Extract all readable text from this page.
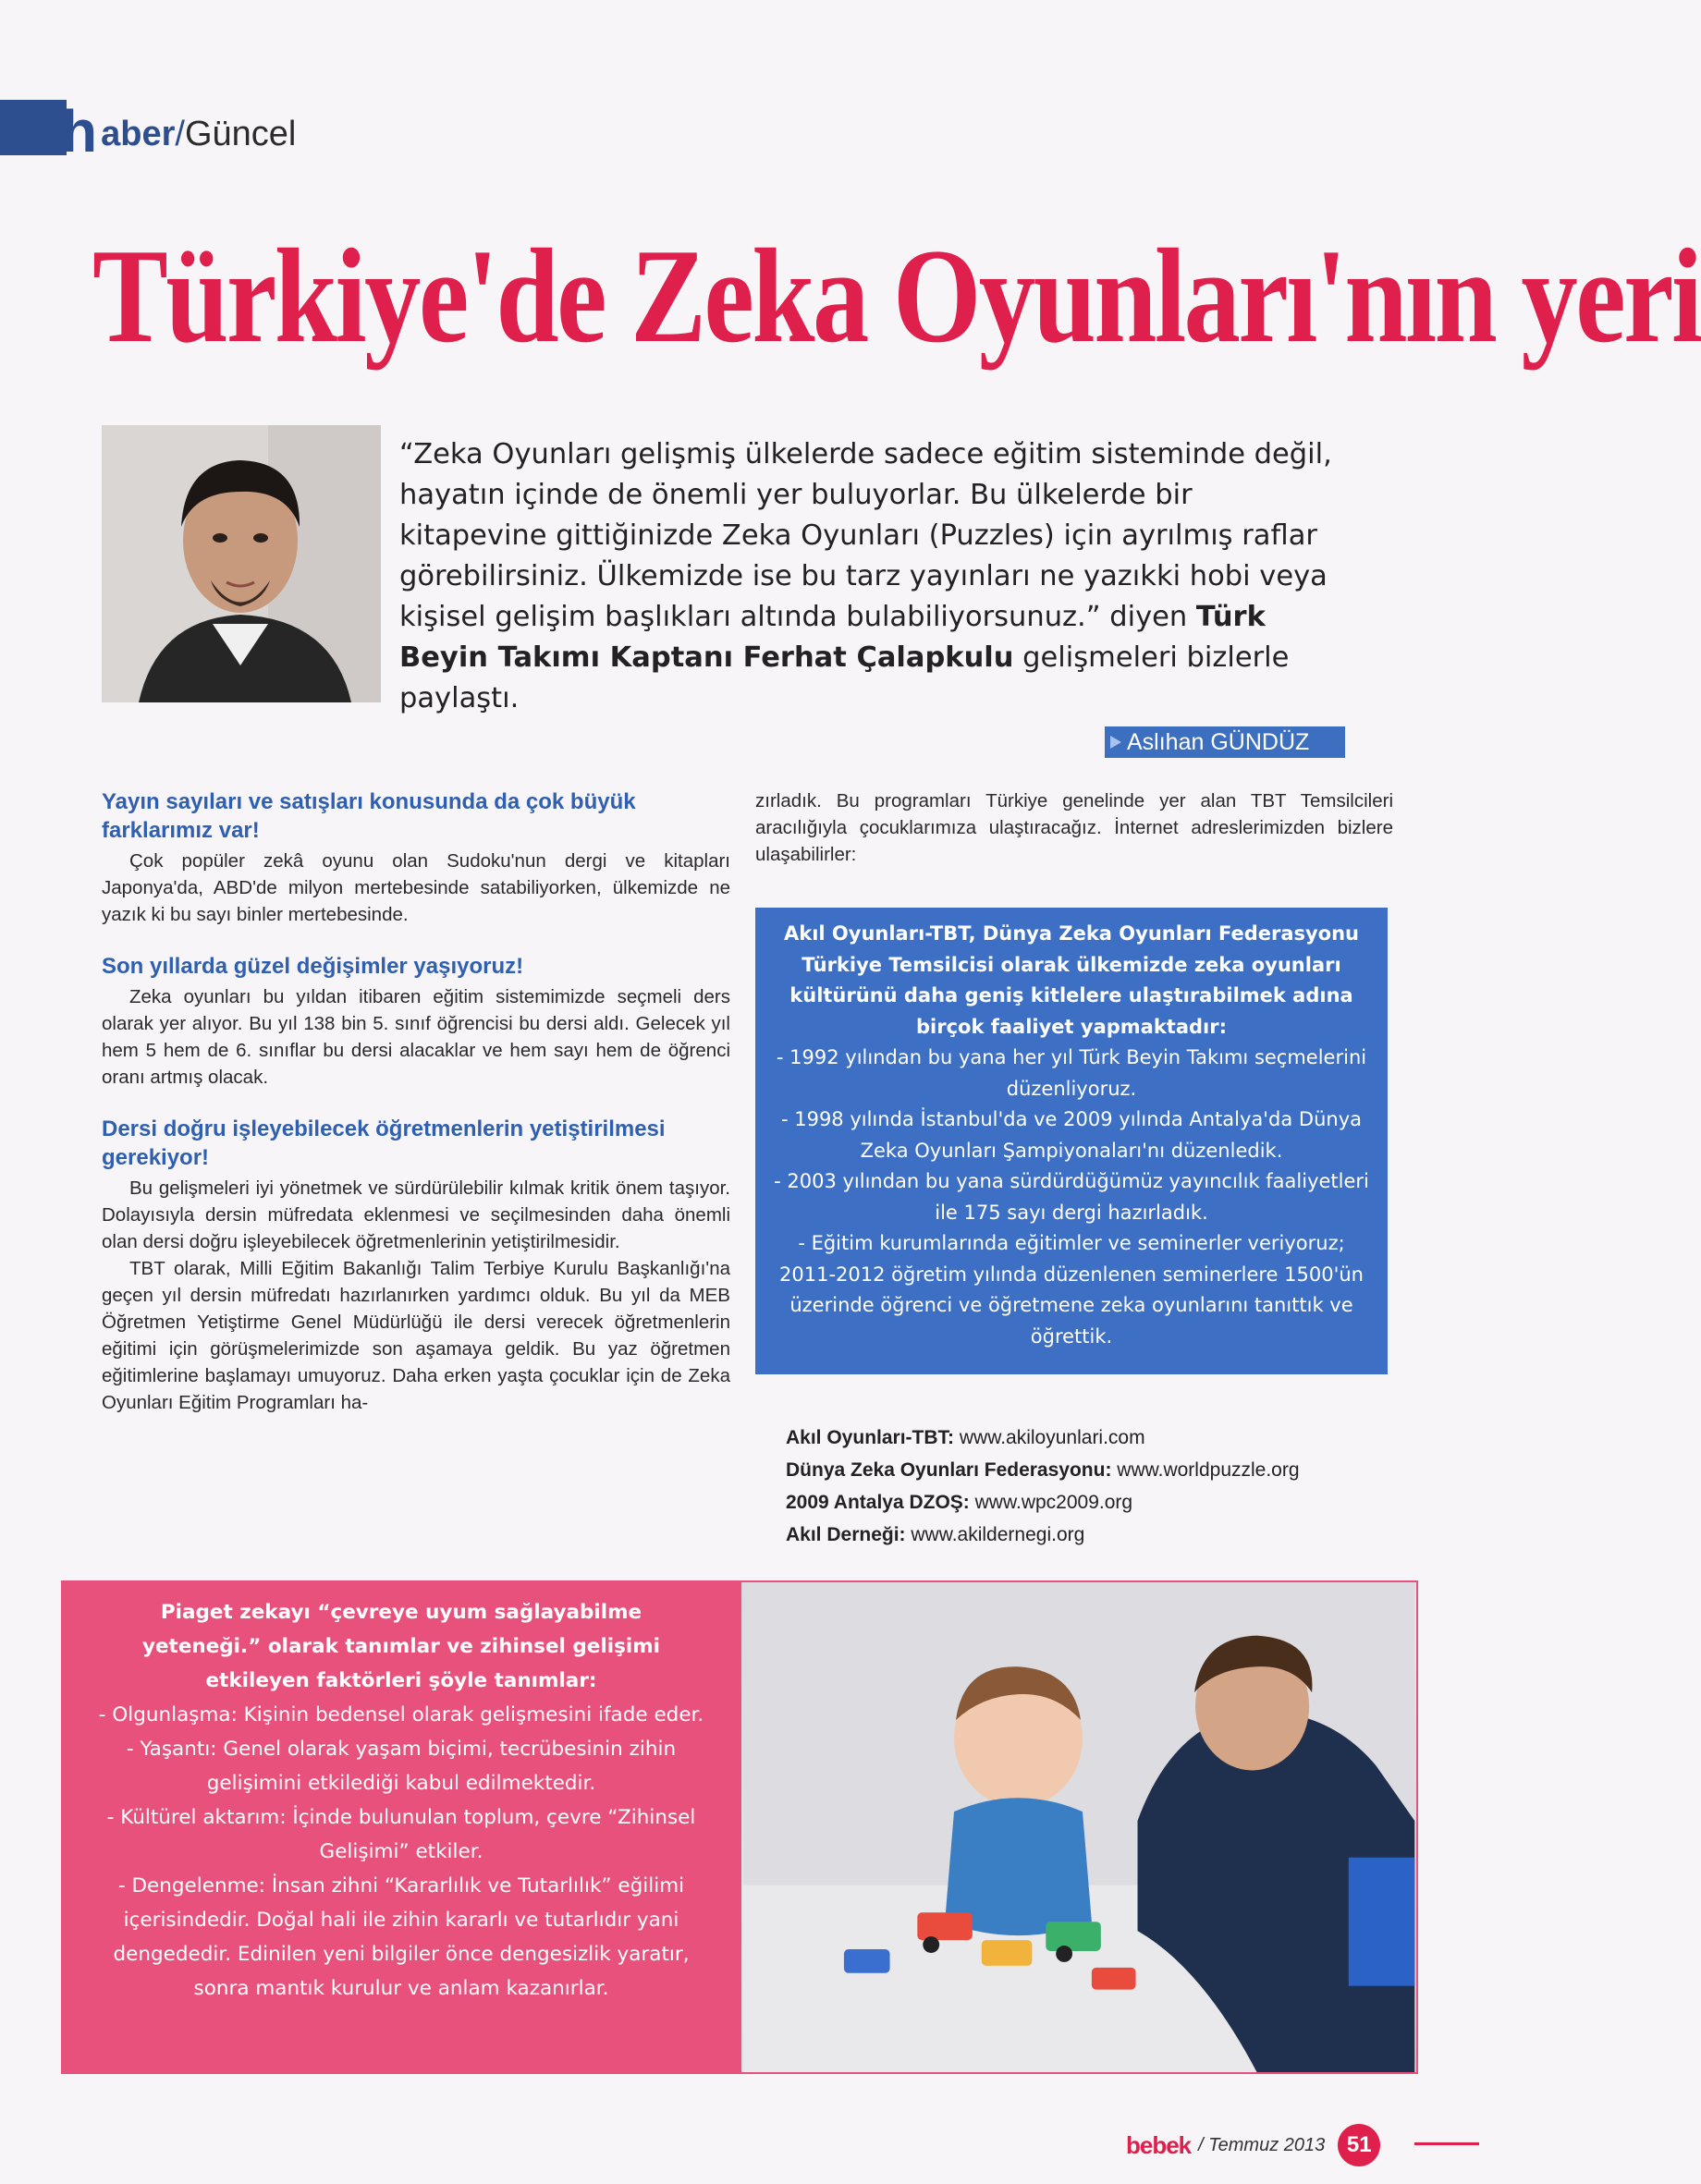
h aber/Güncel
Türkiye'de Zeka Oyunları'nın yeri

“Zeka Oyunları gelişmiş ülkelerde sadece eğitim sisteminde değil, hayatın içinde de önemli yer buluyorlar. Bu ülkelerde bir kitapevine gittiğinizde Zeka Oyunları (Puzzles) için ayrılmış raflar görebilirsiniz. Ülkemizde ise bu tarz yayınları ne yazıkki hobi veya kişisel gelişim başlıkları altında bulabiliyorsunuz.” diyen Türk Beyin Takımı Kaptanı Ferhat Çalapkulu gelişmeleri bizlerle paylaştı.

Aslıhan GÜNDÜZ
Yayın sayıları ve satışları konusunda da çok büyük farklarımız var!

Çok popüler zekâ oyunu olan Sudoku'nun dergi ve kitapları Japonya'da, ABD'de milyon mertebesinde satabiliyorken, ülkemizde ne yazık ki bu sayı binler mertebesinde.

Son yıllarda güzel değişimler yaşıyoruz!

Zeka oyunları bu yıldan itibaren eğitim sistemimizde seçmeli ders olarak yer alıyor. Bu yıl 138 bin 5. sınıf öğrencisi bu dersi aldı. Gelecek yıl hem 5 hem de 6. sınıflar bu dersi alacaklar ve hem sayı hem de öğrenci oranı artmış olacak.

Dersi doğru işleyebilecek öğretmenlerin yetiştirilmesi gerekiyor!

Bu gelişmeleri iyi yönetmek ve sürdürülebilir kılmak kritik önem taşıyor. Dolayısıyla dersin müfredata eklenmesi ve seçilmesinden daha önemli olan dersi doğru işleyebilecek öğretmenlerinin yetiştirilmesidir.

TBT olarak, Milli Eğitim Bakanlığı Talim Terbiye Kurulu Başkanlığı'na geçen yıl dersin müfredatı hazırlanırken yardımcı olduk. Bu yıl da MEB Öğretmen Yetiştirme Genel Müdürlüğü ile dersi verecek öğretmenlerin eğitimi için görüşmelerimizde son aşamaya geldik. Bu yaz öğretmen eğitimlerine başlamayı umuyoruz. Daha erken yaşta çocuklar için de Zeka Oyunları Eğitim Programları ha-

zırladık. Bu programları Türkiye genelinde yer alan TBT Temsilcileri aracılığıyla çocuklarımıza ulaştıracağız. İnternet adreslerimizden bizlere ulaşabilirler:

Akıl Oyunları-TBT, Dünya Zeka Oyunları Federasyonu Türkiye Temsilcisi olarak ülkemizde zeka oyunları kültürünü daha geniş kitlelere ulaştırabilmek adına birçok faaliyet yapmaktadır:
- 1992 yılından bu yana her yıl Türk Beyin Takımı seçmelerini düzenliyoruz.
- 1998 yılında İstanbul'da ve 2009 yılında Antalya'da Dünya Zeka Oyunları Şampiyonaları'nı düzenledik.
- 2003 yılından bu yana sürdürdüğümüz yayıncılık faaliyetleri ile 175 sayı dergi hazırladık.
- Eğitim kurumlarında eğitimler ve seminerler veriyoruz; 2011-2012 öğretim yılında düzenlenen seminerlere 1500'ün üzerinde öğrenci ve öğretmene zeka oyunlarını tanıttık ve öğrettik.
Akıl Oyunları-TBT: www.akiloyunlari.com
Dünya Zeka Oyunları Federasyonu: www.worldpuzzle.org
2009 Antalya DZOŞ: www.wpc2009.org
Akıl Derneği: www.akildernegi.org
Piaget zekayı “çevreye uyum sağlayabilme yeteneği.” olarak tanımlar ve zihinsel gelişimi etkileyen faktörleri şöyle tanımlar:
- Olgunlaşma: Kişinin bedensel olarak gelişmesini ifade eder.
- Yaşantı: Genel olarak yaşam biçimi, tecrübesinin zihin gelişimini etkilediği kabul edilmektedir.
- Kültürel aktarım: İçinde bulunulan toplum, çevre “Zihinsel Gelişimi” etkiler.
- Dengelenme: İnsan zihni “Kararlılık ve Tutarlılık” eğilimi içerisindedir. Doğal hali ile zihin kararlı ve tutarlıdır yani dengededir. Edinilen yeni bilgiler önce dengesizlik yaratır, sonra mantık kurulur ve anlam kazanırlar.
bebek / Temmuz 2013 51
